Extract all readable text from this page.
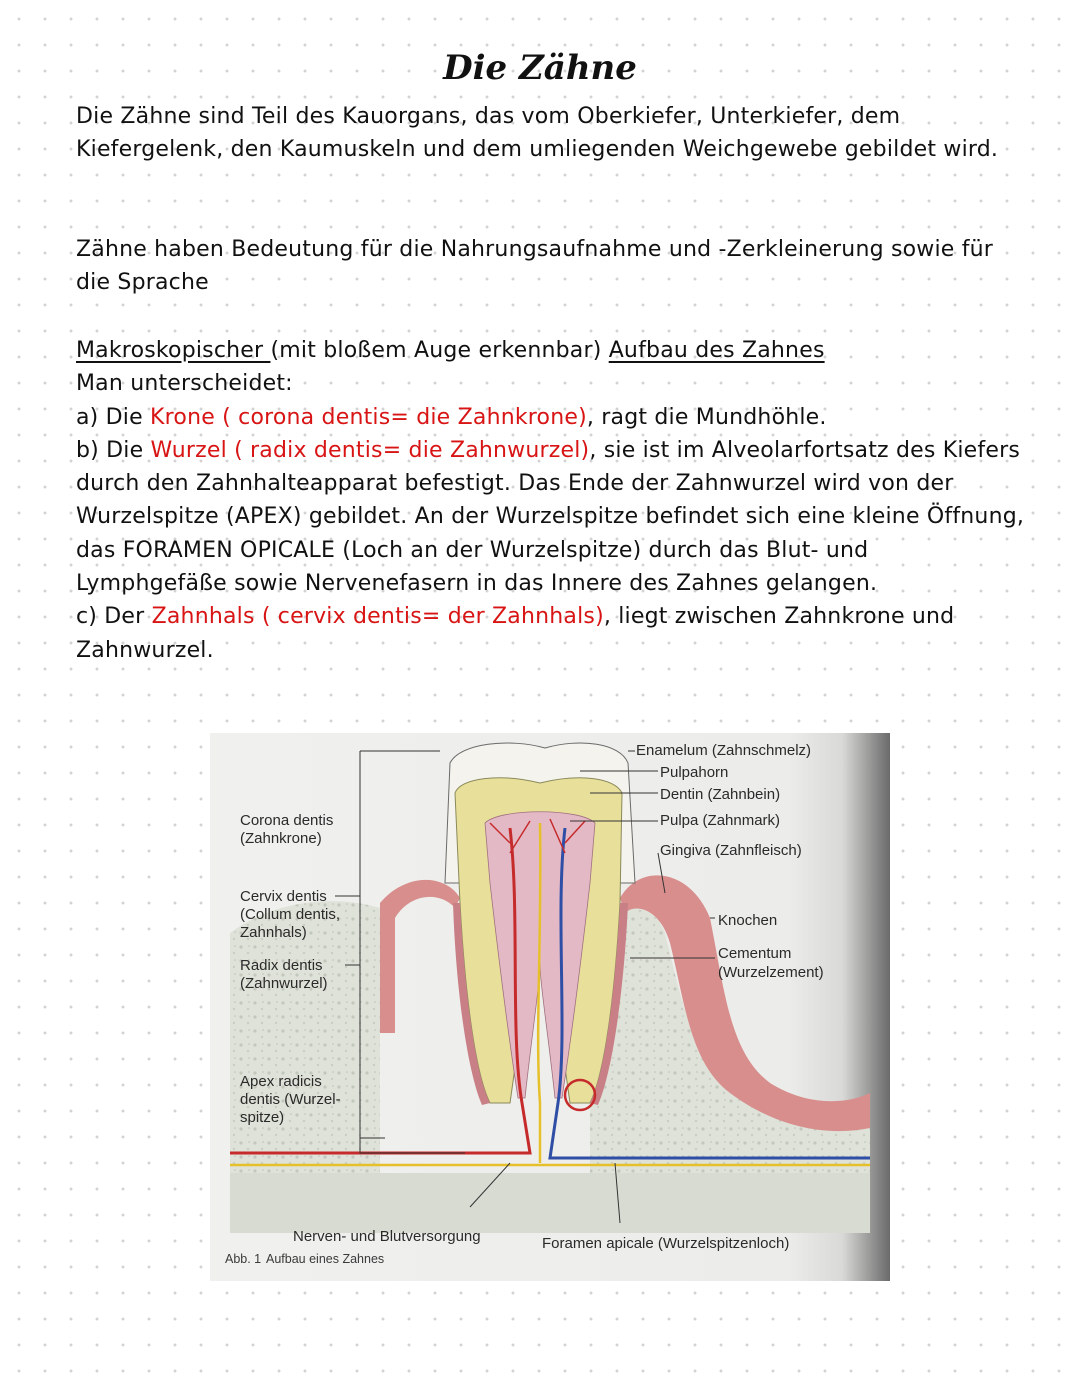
Die Zähne
Die Zähne sind Teil des Kauorgans, das vom Oberkiefer, Unterkiefer, dem Kiefergelenk, den Kaumuskeln und dem umliegenden Weichgewebe gebildet wird.
Zähne haben Bedeutung für die Nahrungsaufnahme und -Zerkleinerung sowie für die Sprache
Makroskopischer (mit bloßem Auge erkennbar) Aufbau des Zahnes
Man unterscheidet:
a) Die Krone ( corona dentis= die Zahnkrone), ragt die Mundhöhle.
b) Die Wurzel ( radix dentis= die Zahnwurzel), sie ist im Alveolarfortsatz des Kiefers durch den Zahnhalteapparat befestigt. Das Ende der Zahnwurzel wird von der Wurzelspitze (APEX) gebildet. An der Wurzelspitze befindet sich eine kleine Öffnung, das FORAMEN OPICALE (Loch an der Wurzelspitze) durch das Blut- und Lymphgefäße sowie Nervenefasern in das Innere des Zahnes gelangen.
c) Der Zahnhals ( cervix dentis= der Zahnhals), liegt zwischen Zahnkrone und Zahnwurzel.
Enamelum (Zahnschmelz)
Pulpahorn
Dentin (Zahnbein)
Pulpa (Zahnmark)
Gingiva (Zahnfleisch)
Knochen
Cementum
(Wurzelzement)
Corona dentis
(Zahnkrone)
Cervix dentis
(Collum dentis,
Zahnhals)
Radix dentis
(Zahnwurzel)
Apex radicis
dentis (Wurzel-
spitze)
Nerven- und Blutversorgung	Foramen apicale (Wurzelspitzenloch)
Abb. 1 Aufbau eines Zahnes
